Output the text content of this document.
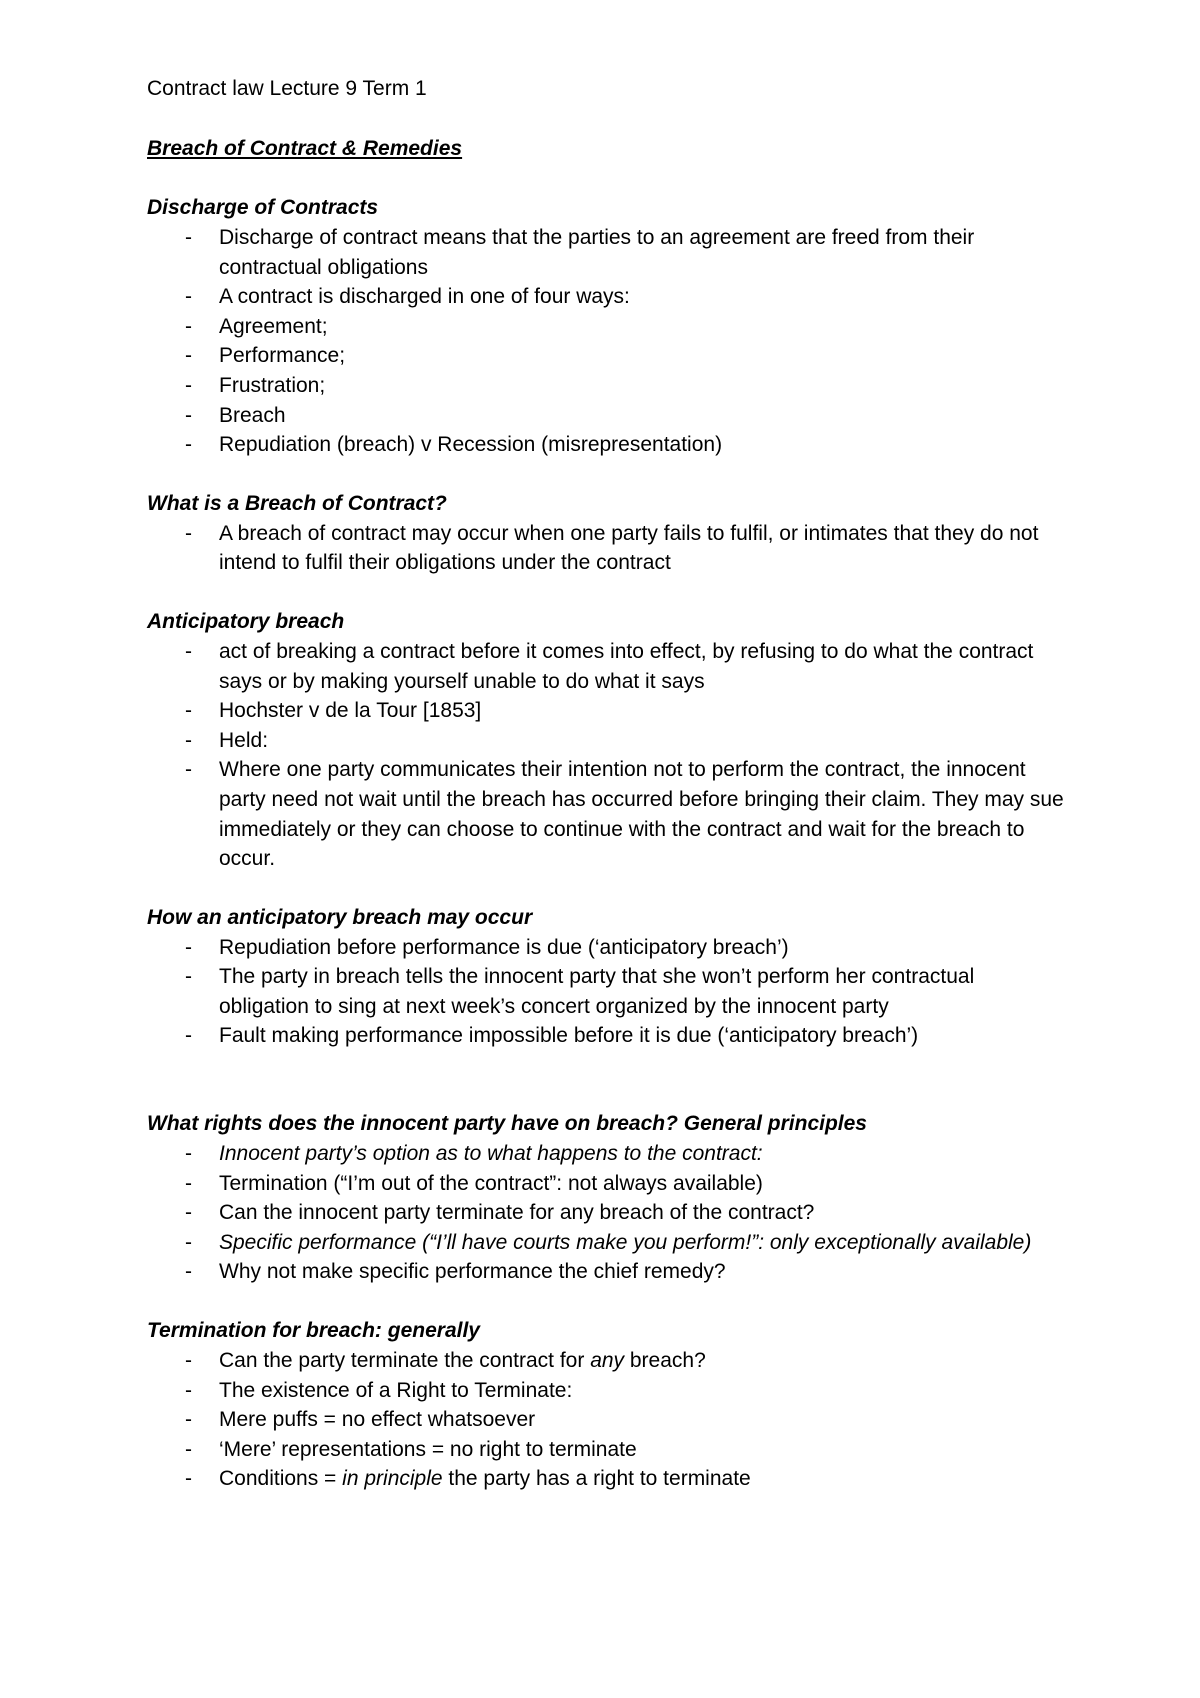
Contract law Lecture 9 Term 1
Breach of Contract & Remedies
Discharge of Contracts
- Discharge of contract means that the parties to an agreement are freed from their contractual obligations
- A contract is discharged in one of four ways:
- Agreement;
- Performance;
- Frustration;
- Breach
- Repudiation (breach) v Recession (misrepresentation)
What is a Breach of Contract?
- A breach of contract may occur when one party fails to fulfil, or intimates that they do not intend to fulfil their obligations under the contract
Anticipatory breach
- act of breaking a contract before it comes into effect, by refusing to do what the contract says or by making yourself unable to do what it says
- Hochster v de la Tour [1853]
- Held:
- Where one party communicates their intention not to perform the contract, the innocent party need not wait until the breach has occurred before bringing their claim. They may sue immediately or they can choose to continue with the contract and wait for the breach to occur.
How an anticipatory breach may occur
- Repudiation before performance is due (‘anticipatory breach’)
- The party in breach tells the innocent party that she won’t perform her contractual obligation to sing at next week’s concert organized by the innocent party
- Fault making performance impossible before it is due (‘anticipatory breach’)
What rights does the innocent party have on breach? General principles
- Innocent party’s option as to what happens to the contract:
- Termination (“I’m out of the contract”: not always available)
- Can the innocent party terminate for any breach of the contract?
- Specific performance (“I’ll have courts make you perform!”: only exceptionally available)
- Why not make specific performance the chief remedy?
Termination for breach: generally
- Can the party terminate the contract for any breach?
- The existence of a Right to Terminate:
- Mere puffs = no effect whatsoever
- ‘Mere’ representations = no right to terminate
- Conditions = in principle the party has a right to terminate
